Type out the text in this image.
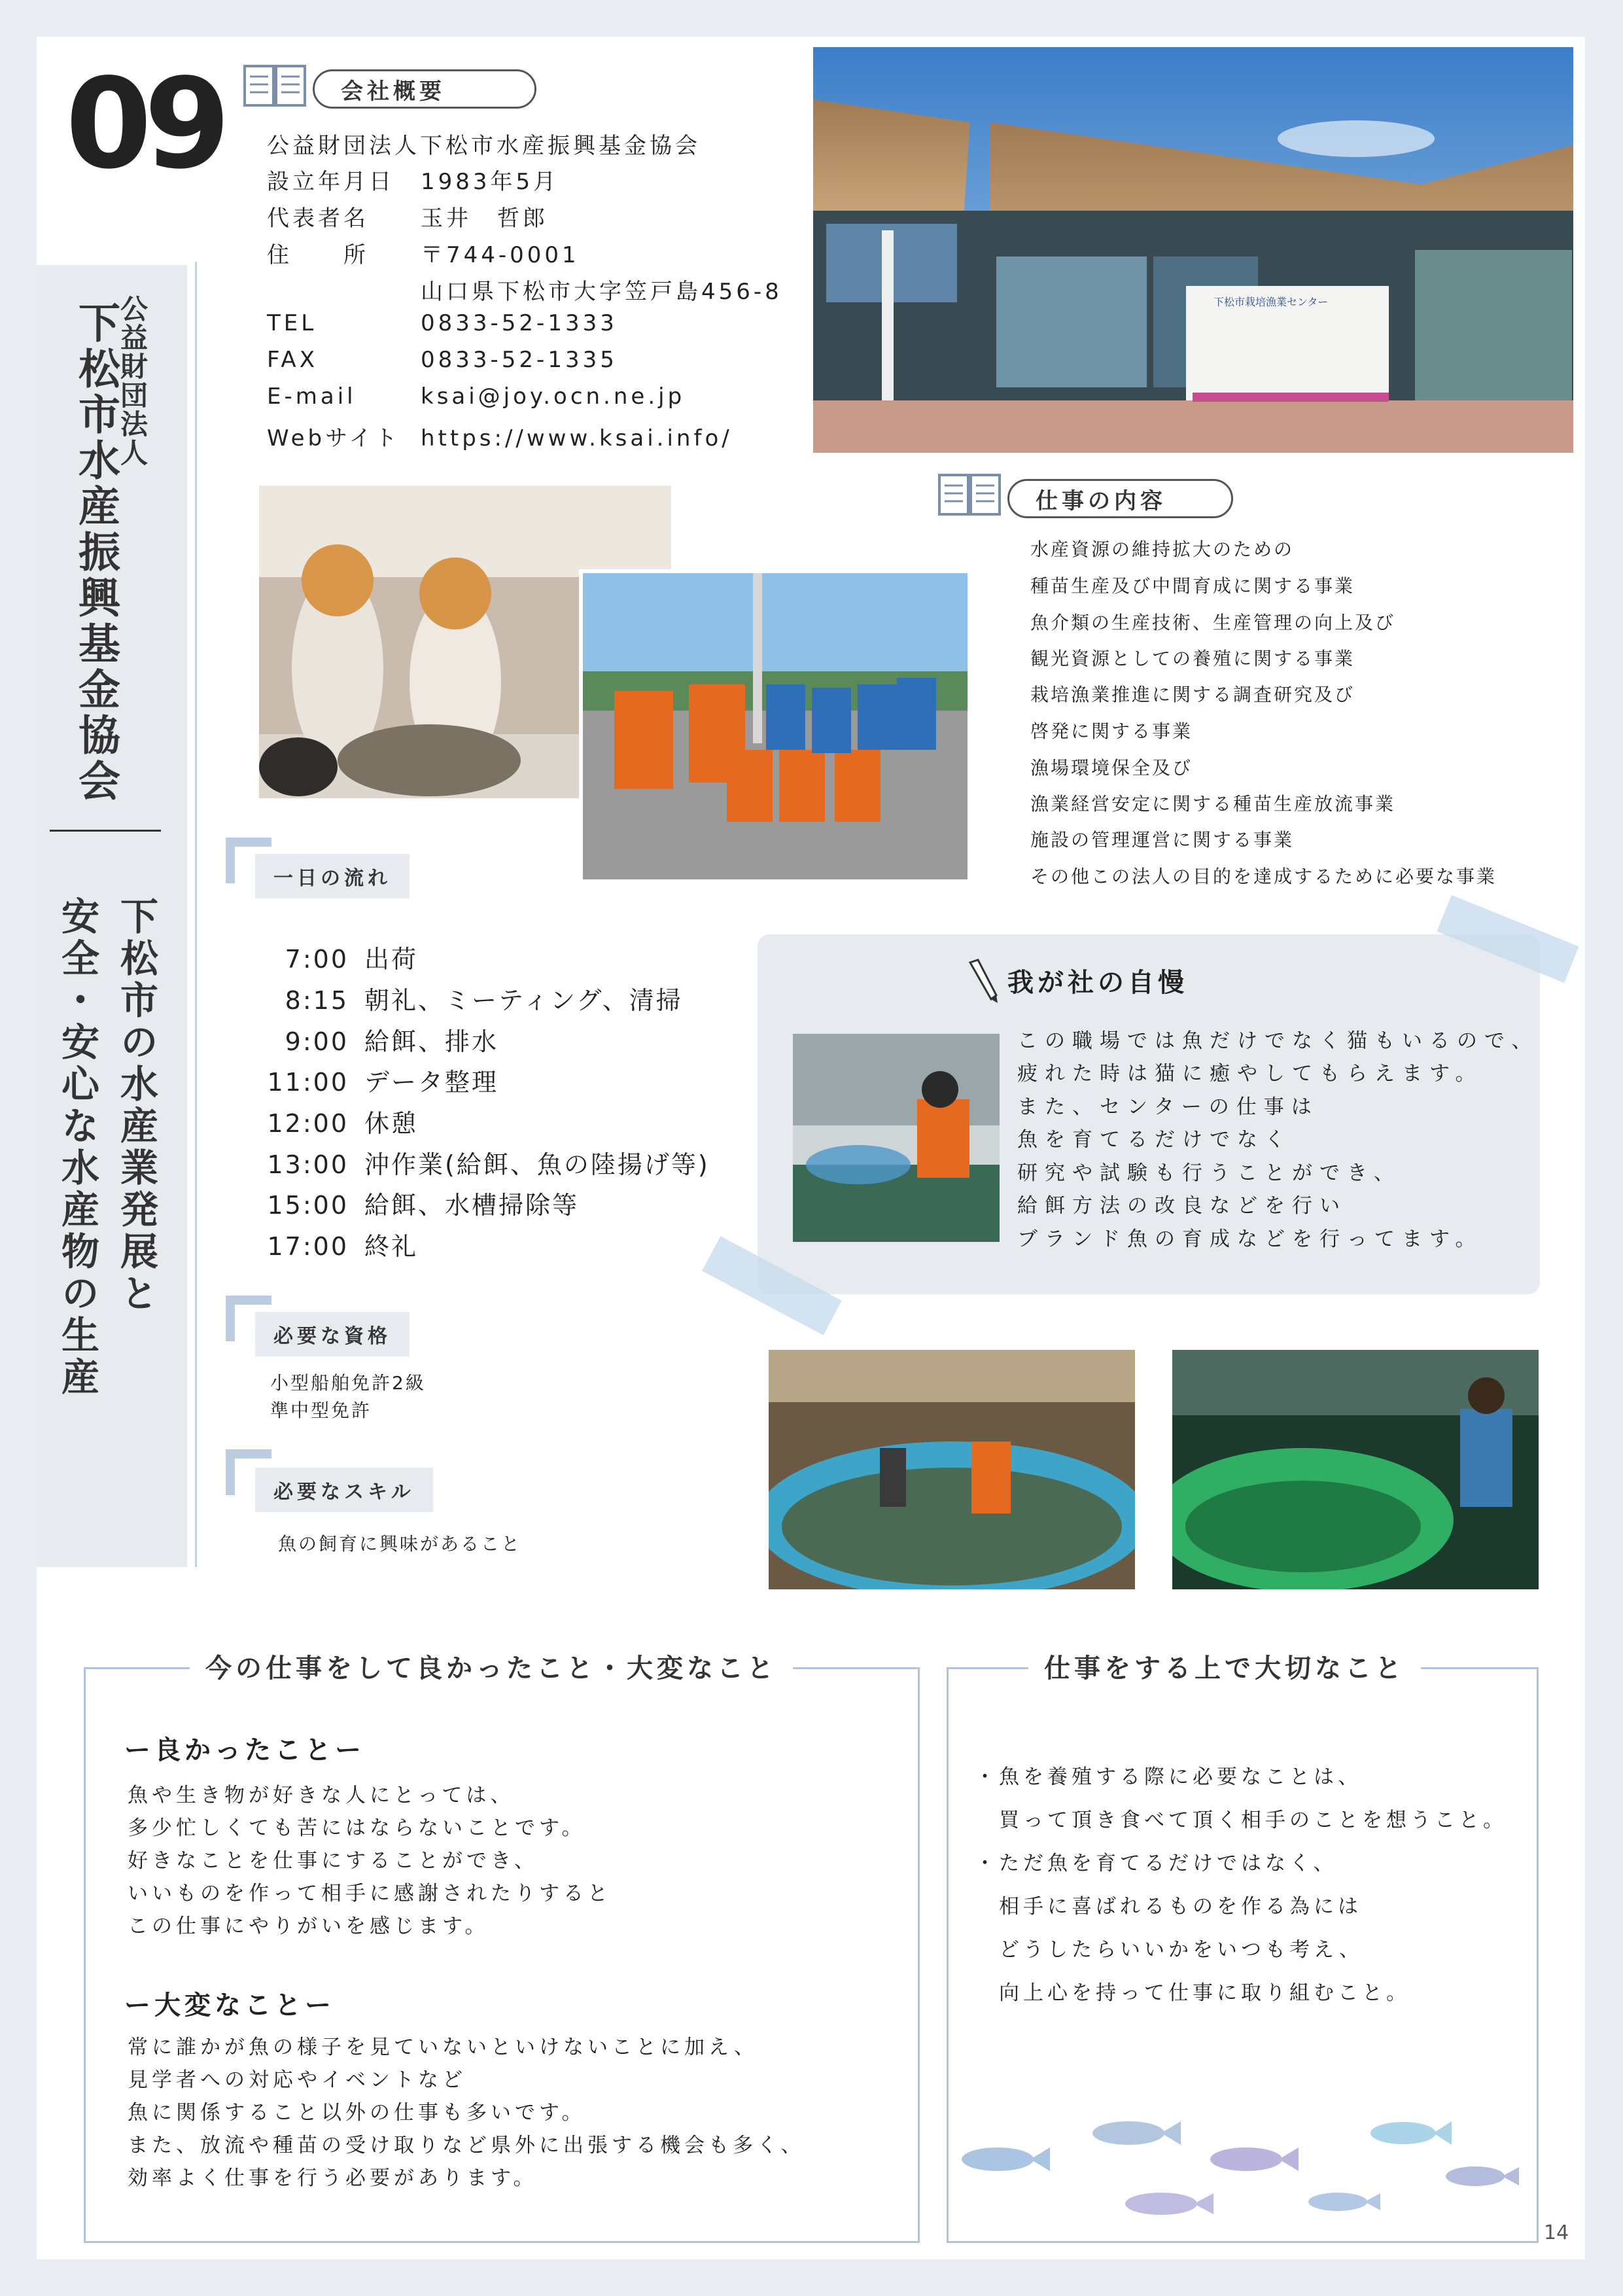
09
公益財団法人
下松市水産振興基金協会
下松市の水産業発展と
安全・安心な水産物の生産
会社概要
公益財団法人下松市水産振興基金協会
設立年月日 1983年5月
代表者名 玉井　哲郎
住　　所 〒744-0001
山口県下松市大字笠戸島456-8
TEL	0833-52-1333
FAX	0833-52-1335
E-mail	ksai@joy.ocn.ne.jp
Webサイト https://www.ksai.info/
下松市栽培漁業センター
仕事の内容
水産資源の維持拡大のための
種苗生産及び中間育成に関する事業
魚介類の生産技術、生産管理の向上及び
観光資源としての養殖に関する事業
栽培漁業推進に関する調査研究及び
啓発に関する事業
漁場環境保全及び
漁業経営安定に関する種苗生産放流事業
施設の管理運営に関する事業
その他この法人の目的を達成するために必要な事業
一日の流れ
7:00 出荷
8:15 朝礼、ミーティング、清掃
9:00 給餌、排水
11:00 データ整理
12:00 休憩
13:00 沖作業(給餌、魚の陸揚げ等)
15:00 給餌、水槽掃除等
17:00 終礼
必要な資格
小型船舶免許2級
準中型免許
必要なスキル
魚の飼育に興味があること
我が社の自慢
この職場では魚だけでなく猫もいるので、
疲れた時は猫に癒やしてもらえます。
また、センターの仕事は
魚を育てるだけでなく
研究や試験も行うことができ、
給餌方法の改良などを行い
ブランド魚の育成などを行ってます。
今の仕事をして良かったこと・大変なこと
ー良かったことー
魚や生き物が好きな人にとっては、
多少忙しくても苦にはならないことです。
好きなことを仕事にすることができ、
いいものを作って相手に感謝されたりすると
この仕事にやりがいを感じます。
ー大変なことー
常に誰かが魚の様子を見ていないといけないことに加え、
見学者への対応やイベントなど
魚に関係すること以外の仕事も多いです。
また、放流や種苗の受け取りなど県外に出張する機会も多く、
効率よく仕事を行う必要があります。
仕事をする上で大切なこと
・魚を養殖する際に必要なことは、
　買って頂き食べて頂く相手のことを想うこと。
・ただ魚を育てるだけではなく、
　相手に喜ばれるものを作る為には
　どうしたらいいかをいつも考え、
　向上心を持って仕事に取り組むこと。
14
